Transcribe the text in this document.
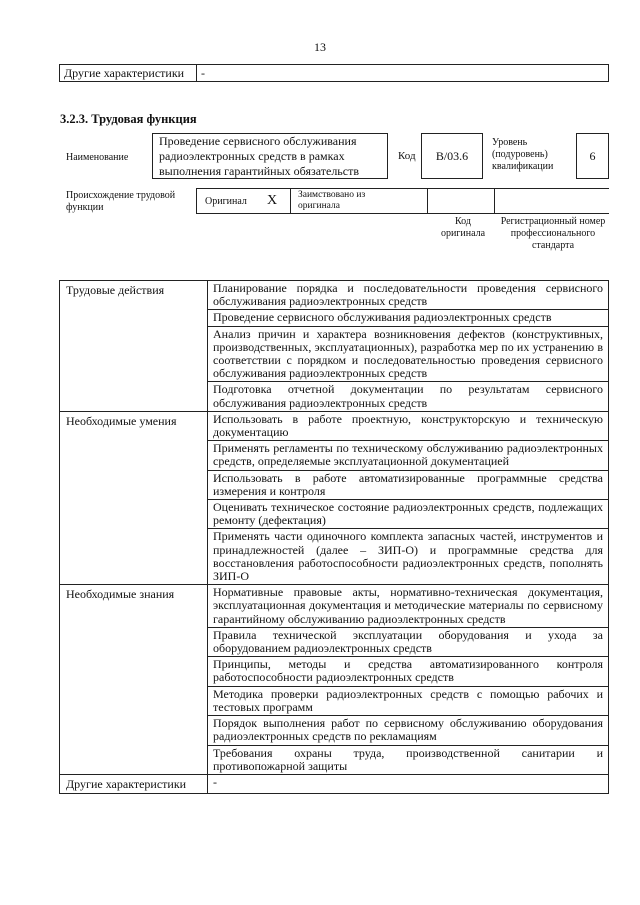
13
Другие характеристики	-
3.2.3. Трудовая функция
Наименование
Проведение сервисного обслуживания радиоэлектронных средств в рамках выполнения гарантийных обязательств
Код	B/03.6
Уровень (подуровень) квалификации
6
Происхождение трудовой функции
Оригинал X Заимствовано из оригинала
Код оригинала
Регистрационный номер профессионального стандарта
Трудовые действия	Планирование порядка и последовательности проведения сервисного обслуживания радиоэлектронных средств
	Проведение сервисного обслуживания радиоэлектронных средств
	Анализ причин и характера возникновения дефектов (конструктивных, производственных, эксплуатационных), разработка мер по их устранению в соответствии с порядком и последовательностью проведения сервисного обслуживания радиоэлектронных средств
	Подготовка отчетной документации по результатам сервисного обслуживания радиоэлектронных средств
Необходимые умения	Использовать в работе проектную, конструкторскую и техническую документацию
	Применять регламенты по техническому обслуживанию радиоэлектронных средств, определяемые эксплуатационной документацией
	Использовать в работе автоматизированные программные средства измерения и контроля
	Оценивать техническое состояние радиоэлектронных средств, подлежащих ремонту (дефектация)
	Применять части одиночного комплекта запасных частей, инструментов и принадлежностей (далее – ЗИП-О) и программные средства для восстановления работоспособности радиоэлектронных средств, пополнять ЗИП-О
Необходимые знания	Нормативные правовые акты, нормативно-техническая документация, эксплуатационная документация и методические материалы по сервисному гарантийному обслуживанию радиоэлектронных средств
	Правила технической эксплуатации оборудования и ухода за оборудованием радиоэлектронных средств
	Принципы, методы и средства автоматизированного контроля работоспособности радиоэлектронных средств
	Методика проверки радиоэлектронных средств с помощью рабочих и тестовых программ
	Порядок выполнения работ по сервисному обслуживанию оборудования радиоэлектронных средств по рекламациям
	Требования охраны труда, производственной санитарии и противопожарной защиты
Другие характеристики	-
